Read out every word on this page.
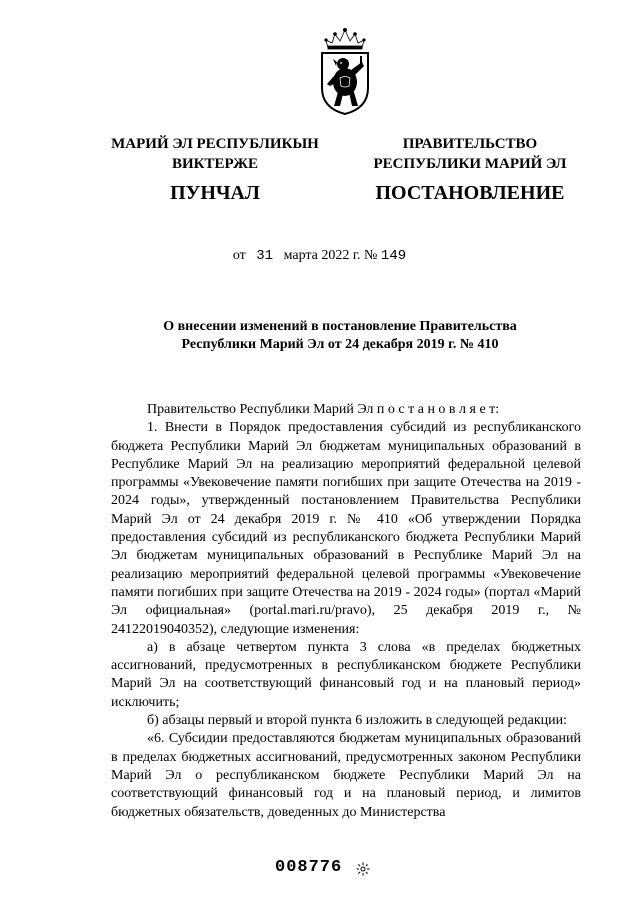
МАРИЙ ЭЛ РЕСПУБЛИКЫН
ВИКТЕРЖЕ
ПУНЧАЛ
ПРАВИТЕЛЬСТВО
РЕСПУБЛИКИ МАРИЙ ЭЛ
ПОСТАНОВЛЕНИЕ
от 31 марта 2022 г. № 149
О внесении изменений в постановление Правительства
Республики Марий Эл от 24 декабря 2019 г. № 410

Правительство Республики Марий Эл п о с т а н о в л я е т:

1. Внести в Порядок предоставления субсидий из республиканского бюджета Республики Марий Эл бюджетам муниципальных образований в Республике Марий Эл на реализацию мероприятий федеральной целевой программы «Увековечение памяти погибших при защите Отечества на 2019 - 2024 годы», утвержденный постановлением Правительства Республики Марий Эл от 24 декабря 2019 г. № 410 «Об утверждении Порядка предоставления субсидий из республиканского бюджета Республики Марий Эл бюджетам муниципальных образований в Республике Марий Эл на реализацию мероприятий федеральной целевой программы «Увековечение памяти погибших при защите Отечества на 2019 - 2024 годы» (портал «Марий Эл официальная» (portal.mari.ru/pravo), 25 декабря 2019 г., № 24122019040352), следующие изменения:

а) в абзаце четвертом пункта 3 слова «в пределах бюджетных ассигнований, предусмотренных в республиканском бюджете Республики Марий Эл на соответствующий финансовый год и на плановый период» исключить;

б) абзацы первый и второй пункта 6 изложить в следующей редакции:

«6. Субсидии предоставляются бюджетам муниципальных образований в пределах бюджетных ассигнований, предусмотренных законом Республики Марий Эл о республиканском бюджете Республики Марий Эл на соответствующий финансовый год и на плановый период, и лимитов бюджетных обязательств, доведенных до Министерства

008776
